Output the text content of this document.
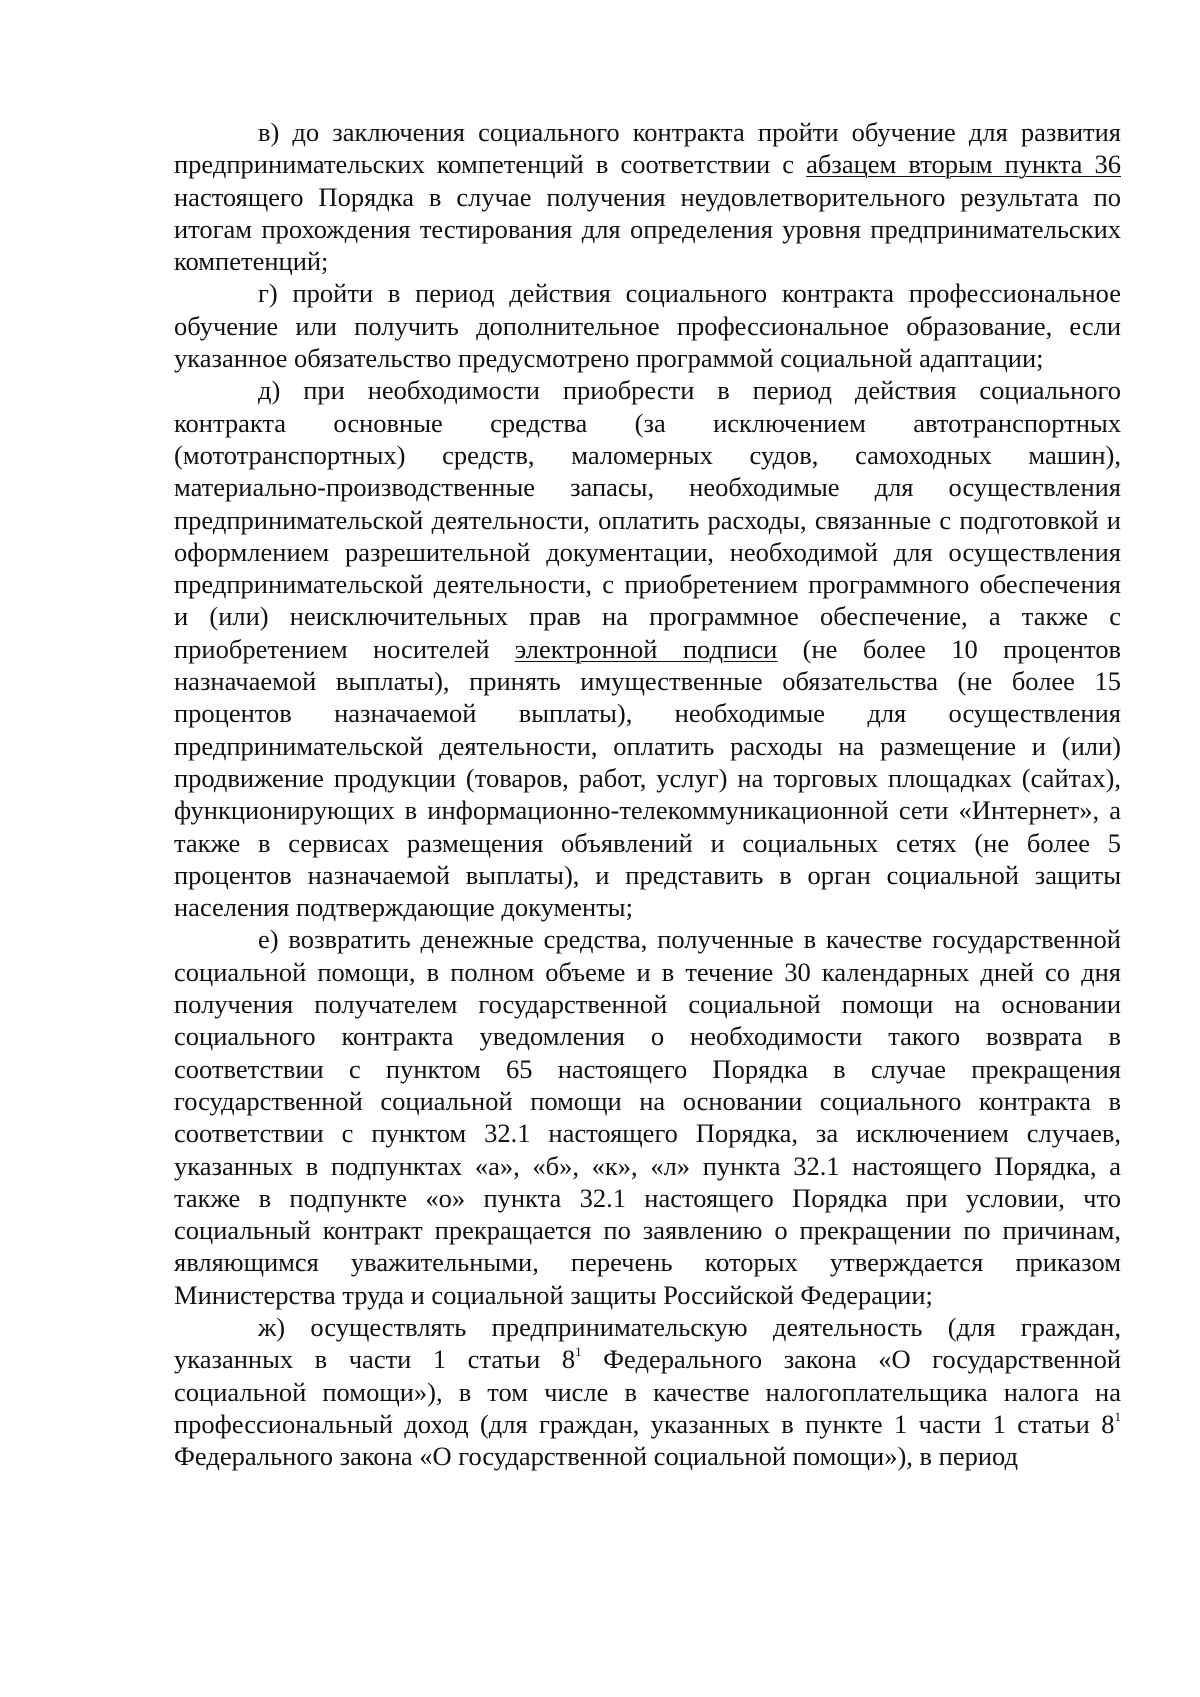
в) до заключения социального контракта пройти обучение для развития предпринимательских компетенций в соответствии с абзацем вторым пункта 36 настоящего Порядка в случае получения неудовлетворительного результата по итогам прохождения тестирования для определения уровня предпринимательских компетенций;

г) пройти в период действия социального контракта профессиональное обучение или получить дополнительное профессиональное образование, если указанное обязательство предусмотрено программой социальной адаптации;

д) при необходимости приобрести в период действия социального контракта основные средства (за исключением автотранспортных (мототранспортных) средств, маломерных судов, самоходных машин), материально-производственные запасы, необходимые для осуществления предпринимательской деятельности, оплатить расходы, связанные с подготовкой и оформлением разрешительной документации, необходимой для осуществления предпринимательской деятельности, с приобретением программного обеспечения и (или) неисключительных прав на программное обеспечение, а также с приобретением носителей электронной подписи (не более 10 процентов назначаемой выплаты), принять имущественные обязательства (не более 15 процентов назначаемой выплаты), необходимые для осуществления предпринимательской деятельности, оплатить расходы на размещение и (или) продвижение продукции (товаров, работ, услуг) на торговых площадках (сайтах), функционирующих в информационно-телекоммуникационной сети «Интернет», а также в сервисах размещения объявлений и социальных сетях (не более 5 процентов назначаемой выплаты), и представить в орган социальной защиты населения подтверждающие документы;

е) возвратить денежные средства, полученные в качестве государственной социальной помощи, в полном объеме и в течение 30 календарных дней со дня получения получателем государственной социальной помощи на основании социального контракта уведомления о необходимости такого возврата в соответствии с пунктом 65 настоящего Порядка в случае прекращения государственной социальной помощи на основании социального контракта в соответствии с пунктом 32.1 настоящего Порядка, за исключением случаев, указанных в подпунктах «а», «б», «к», «л» пункта 32.1 настоящего Порядка, а также в подпункте «о» пункта 32.1 настоящего Порядка при условии, что социальный контракт прекращается по заявлению о прекращении по причинам, являющимся уважительными, перечень которых утверждается приказом Министерства труда и социальной защиты Российской Федерации;

ж) осуществлять предпринимательскую деятельность (для граждан, указанных в части 1 статьи $8^1$ Федерального закона «О государственной социальной помощи»), в том числе в качестве налогоплательщика налога на профессиональный доход (для граждан, указанных в пункте 1 части 1 статьи $8^1$ Федерального закона «О государственной социальной помощи»), в период
